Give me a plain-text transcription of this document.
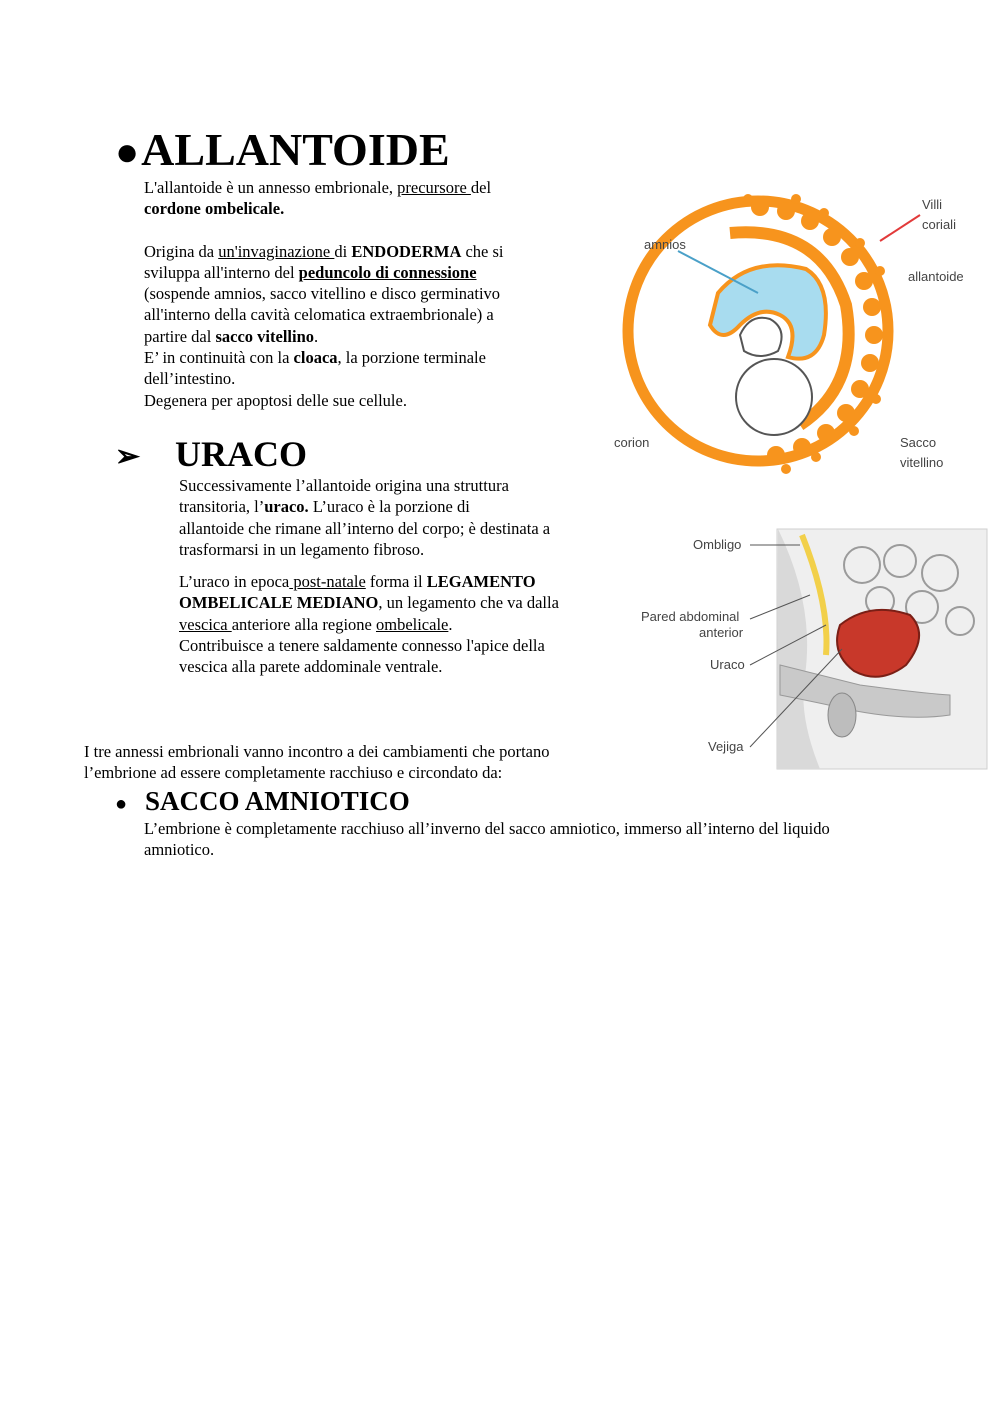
●ALLANTOIDE

L'allantoide è un annesso embrionale, precursore del

cordone ombelicale.

Origina da un'invaginazione di ENDODERMA che si

sviluppa all'interno del peduncolo di connessione

(sospende amnios, sacco vitellino e disco germinativo

all'interno della cavità celomatica extraembrionale) a

partire dal sacco vitellino.

E’ in continuità con la cloaca, la porzione terminale

dell’intestino.

Degenera per apoptosi delle sue cellule.

➢ URACO

Successivamente l’allantoide origina una struttura

transitoria, l’uraco. L’uraco è la porzione di

allantoide che rimane all’interno del corpo; è destinata a

trasformarsi in un legamento fibroso.

L’uraco in epoca post-natale forma il LEGAMENTO

OMBELICALE MEDIANO, un legamento che va dalla

vescica anteriore alla regione ombelicale.

Contribuisce a tenere saldamente connesso l'apice della

vescica alla parete addominale ventrale.

I tre annessi embrionali vanno incontro a dei cambiamenti che portano

l’embrione ad essere completamente racchiuso e circondato da:

● SACCO AMNIOTICO

L’embrione è completamente racchiuso all’inverno del sacco amniotico, immerso all’interno del liquido

amniotico.

Villi
coriali
amnios
allantoide
corion	Sacco
vitellino
Ombligo
Pared abdominal
anterior
Uraco
Vejiga
